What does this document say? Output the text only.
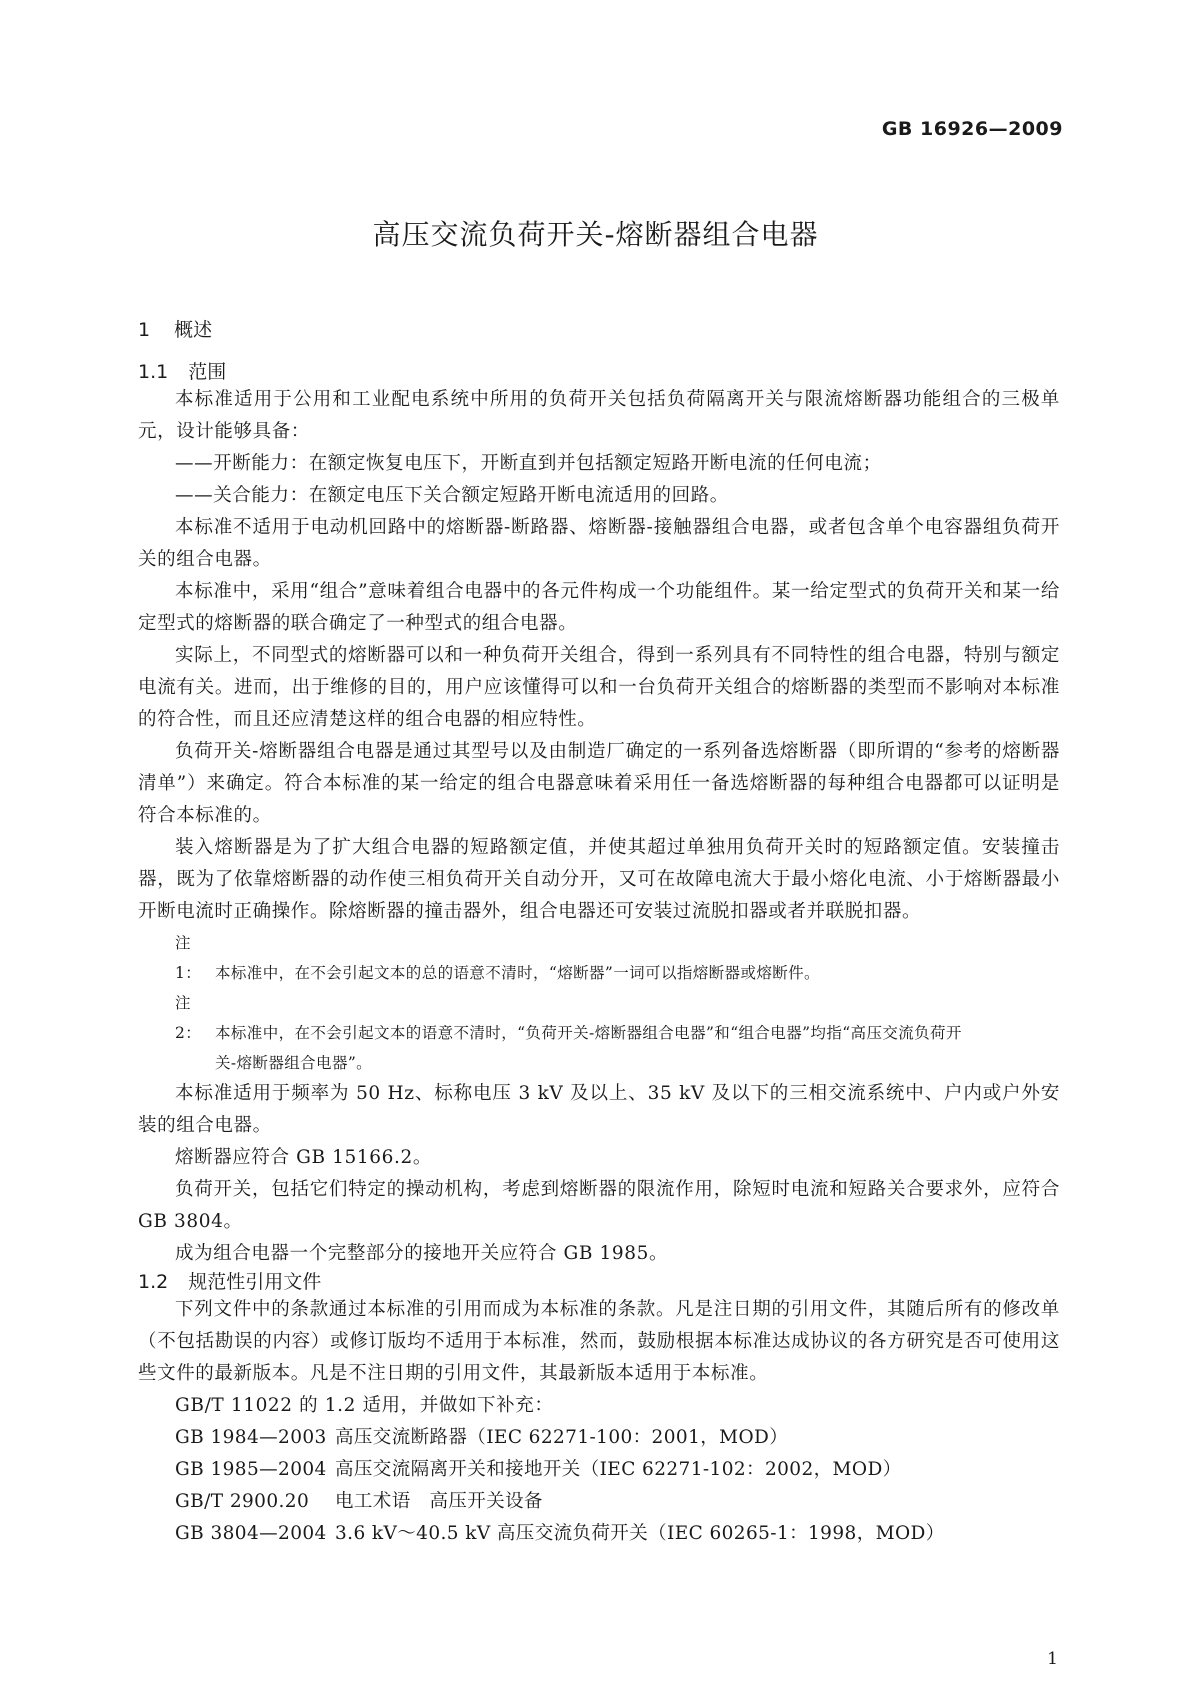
GB 16926—2009
高压交流负荷开关-熔断器组合电器
1 概述
1.1 范围

本标准适用于公用和工业配电系统中所用的负荷开关包括负荷隔离开关与限流熔断器功能组合的三极单元，设计能够具备：

——开断能力：在额定恢复电压下，开断直到并包括额定短路开断电流的任何电流；

——关合能力：在额定电压下关合额定短路开断电流适用的回路。

本标准不适用于电动机回路中的熔断器-断路器、熔断器-接触器组合电器，或者包含单个电容器组负荷开关的组合电器。

本标准中，采用“组合”意味着组合电器中的各元件构成一个功能组件。某一给定型式的负荷开关和某一给定型式的熔断器的联合确定了一种型式的组合电器。

实际上，不同型式的熔断器可以和一种负荷开关组合，得到一系列具有不同特性的组合电器，特别与额定电流有关。进而，出于维修的目的，用户应该懂得可以和一台负荷开关组合的熔断器的类型而不影响对本标准的符合性，而且还应清楚这样的组合电器的相应特性。

负荷开关-熔断器组合电器是通过其型号以及由制造厂确定的一系列备选熔断器（即所谓的“参考的熔断器清单”）来确定。符合本标准的某一给定的组合电器意味着采用任一备选熔断器的每种组合电器都可以证明是符合本标准的。

装入熔断器是为了扩大组合电器的短路额定值，并使其超过单独用负荷开关时的短路额定值。安装撞击器，既为了依靠熔断器的动作使三相负荷开关自动分开，又可在故障电流大于最小熔化电流、小于熔断器最小开断电流时正确操作。除熔断器的撞击器外，组合电器还可安装过流脱扣器或者并联脱扣器。

注 1： 本标准中，在不会引起文本的总的语意不清时，“熔断器”一词可以指熔断器或熔断件。

注 2： 本标准中，在不会引起文本的语意不清时，“负荷开关-熔断器组合电器”和“组合电器”均指“高压交流负荷开
关-熔断器组合电器”。

本标准适用于频率为 50 Hz、标称电压 3 kV 及以上、35 kV 及以下的三相交流系统中、户内或户外安装的组合电器。

熔断器应符合 GB 15166.2。

负荷开关，包括它们特定的操动机构，考虑到熔断器的限流作用，除短时电流和短路关合要求外，应符合 GB 3804。

成为组合电器一个完整部分的接地开关应符合 GB 1985。

1.2 规范性引用文件

下列文件中的条款通过本标准的引用而成为本标准的条款。凡是注日期的引用文件，其随后所有的修改单（不包括勘误的内容）或修订版均不适用于本标准，然而，鼓励根据本标准达成协议的各方研究是否可使用这些文件的最新版本。凡是不注日期的引用文件，其最新版本适用于本标准。

GB/T 11022 的 1.2 适用，并做如下补充：

GB 1984—2003 高压交流断路器（IEC 62271-100：2001，MOD）

GB 1985—2004 高压交流隔离开关和接地开关（IEC 62271-102：2002，MOD）

GB/T 2900.20 电工术语　高压开关设备

GB 3804—2004 3.6 kV～40.5 kV 高压交流负荷开关（IEC 60265-1：1998，MOD）

1
